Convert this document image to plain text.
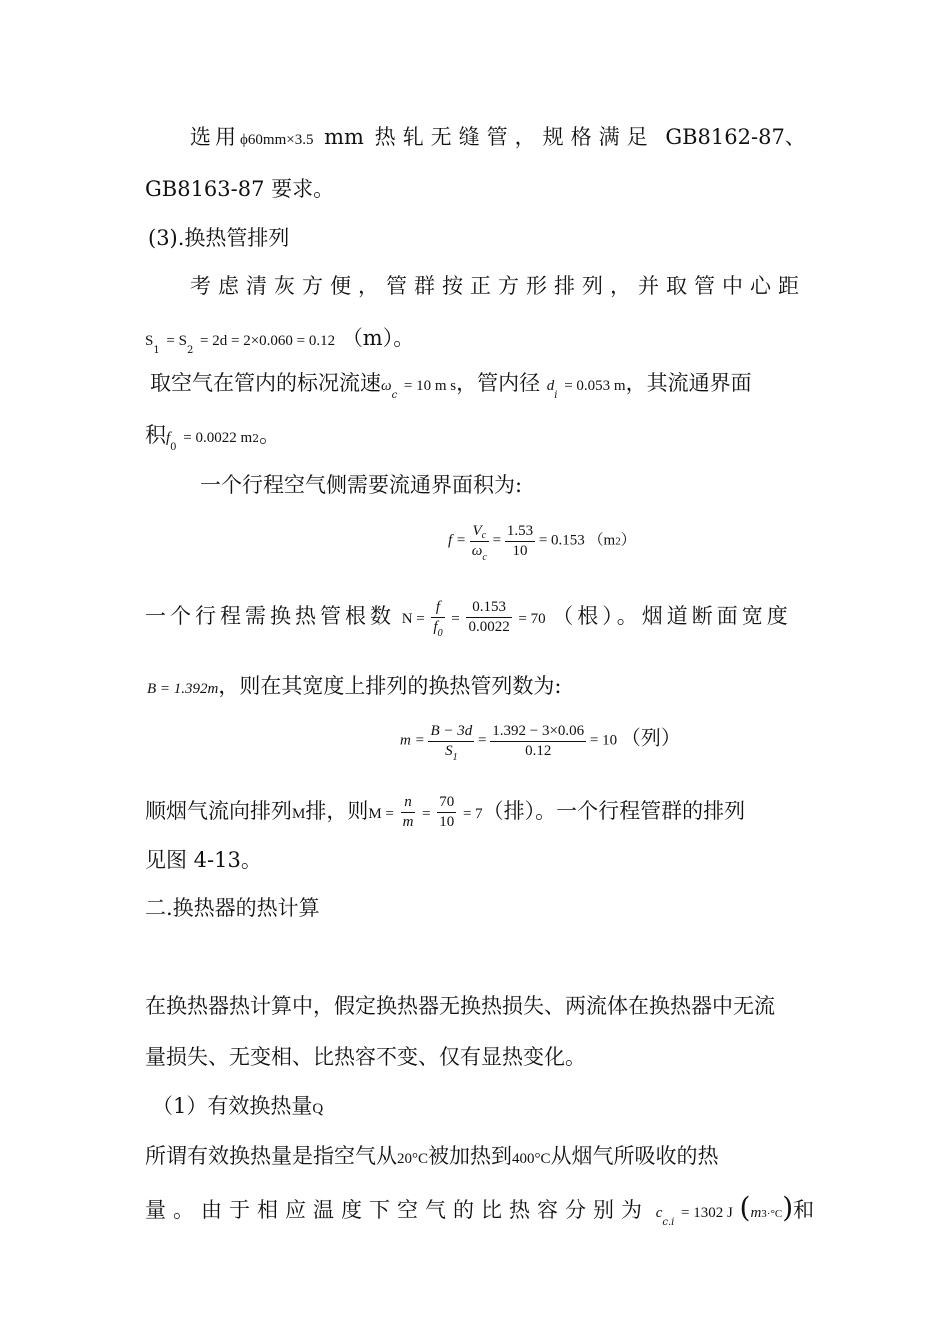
选用ϕ60mm×3.5 mm 热轧无缝管，规格满足 GB8162-87、
GB8163-87 要求。
(3).换热管排列
考虑清灰方便，管群按正方形排列，并取管中心距
$S_1 = S_2 = 2d = 2\times 0.060 = 0.12$ （m）。
取空气在管内的标况流速$\omega_c = 10$ m s，管内径 $d_i = 0.053$ m，其流通界面
积$f_0 = 0.0022$ m2。
一个行程空气侧需要流通界面积为:
$f = \frac{V_c}{\omega_c} = \frac{1.53}{10} = 0.153$ （m2）
一个行程需换热管根数 $N = \frac{f}{f_0} = \frac{0.153}{0.0022} = 70$ （根）。烟道断面宽度
B = 1.392m，则在其宽度上排列的换热管列数为:
$m = \frac{B - 3d}{S_1} = \frac{1.392 - 3\times 0.06}{0.12} = 10$ （列）
顺烟气流向排列M排，则$M = \frac{n}{m} = \frac{70}{10} = 7$（排）。一个行程管群的排列
见图 4-13。
二.换热器的热计算
在换热器热计算中，假定换热器无换热损失、两流体在换热器中无流
量损失、无变相、比热容不变、仅有显热变化。
（1）有效换热量Q
所谓有效换热量是指空气从20°C被加热到400°C从烟气所吸收的热
量。由于相应温度下空气的比热容分别为 $c_{c.i} = 1302$ J (m3·°C)和
